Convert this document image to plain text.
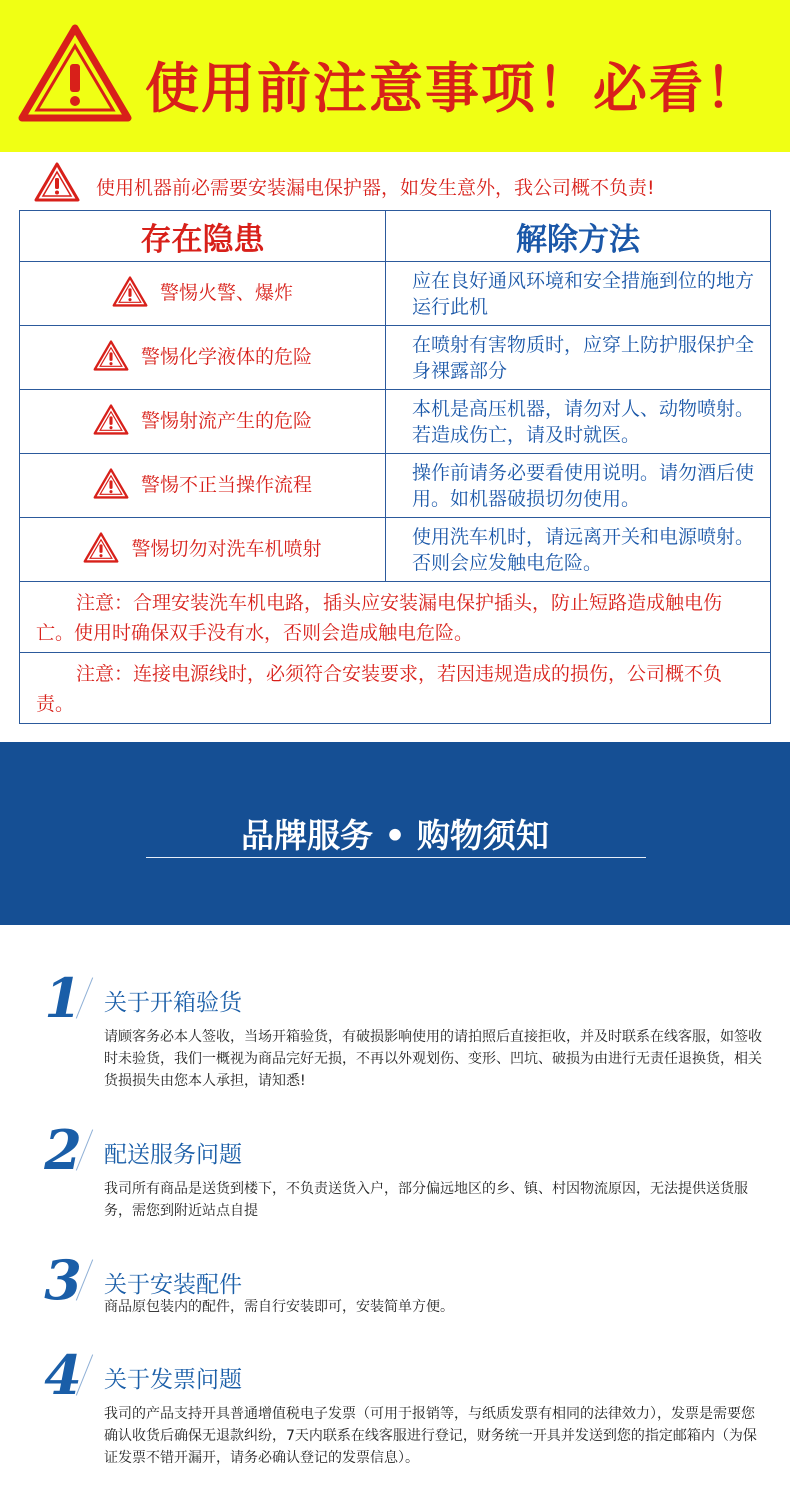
使用前注意事项！必看！
使用机器前必需要安装漏电保护器，如发生意外，我公司概不负责!
存在隐患	解除方法

警惕火警、爆炸	应在良好通风环境和安全措施到位的地方运行此机

警惕化学液体的危险	在喷射有害物质时，应穿上防护服保护全身裸露部分

警惕射流产生的危险	本机是高压机器，请勿对人、动物喷射。若造成伤亡，请及时就医。

警惕不正当操作流程	操作前请务必要看使用说明。请勿酒后使用。如机器破损切勿使用。

警惕切勿对洗车机喷射	使用洗车机时，请远离开关和电源喷射。否则会应发触电危险。
注意：合理安装洗车机电路，插头应安装漏电保护插头，防止短路造成触电伤亡。使用时确保双手没有水，否则会造成触电危险。	
注意：连接电源线时，必须符合安装要求，若因违规造成的损伤，公司概不负责。	
品牌服务 • 购物须知
1 关于开箱验货
请顾客务必本人签收，当场开箱验货，有破损影响使用的请拍照后直接拒收，并及时联系在线客服，如签收时未验货，我们一概视为商品完好无损，不再以外观划伤、变形、凹坑、破损为由进行无责任退换货，相关货损损失由您本人承担，请知悉!
2 配送服务问题
我司所有商品是送货到楼下，不负责送货入户，部分偏远地区的乡、镇、村因物流原因，无法提供送货服务，需您到附近站点自提
3 关于安装配件
商品原包装内的配件，需自行安装即可，安装简单方便。
4 关于发票问题
我司的产品支持开具普通增值税电子发票（可用于报销等，与纸质发票有相同的法律效力），发票是需要您确认收货后确保无退款纠纷，7天内联系在线客服进行登记，财务统一开具并发送到您的指定邮箱内（为保证发票不错开漏开，请务必确认登记的发票信息）。
